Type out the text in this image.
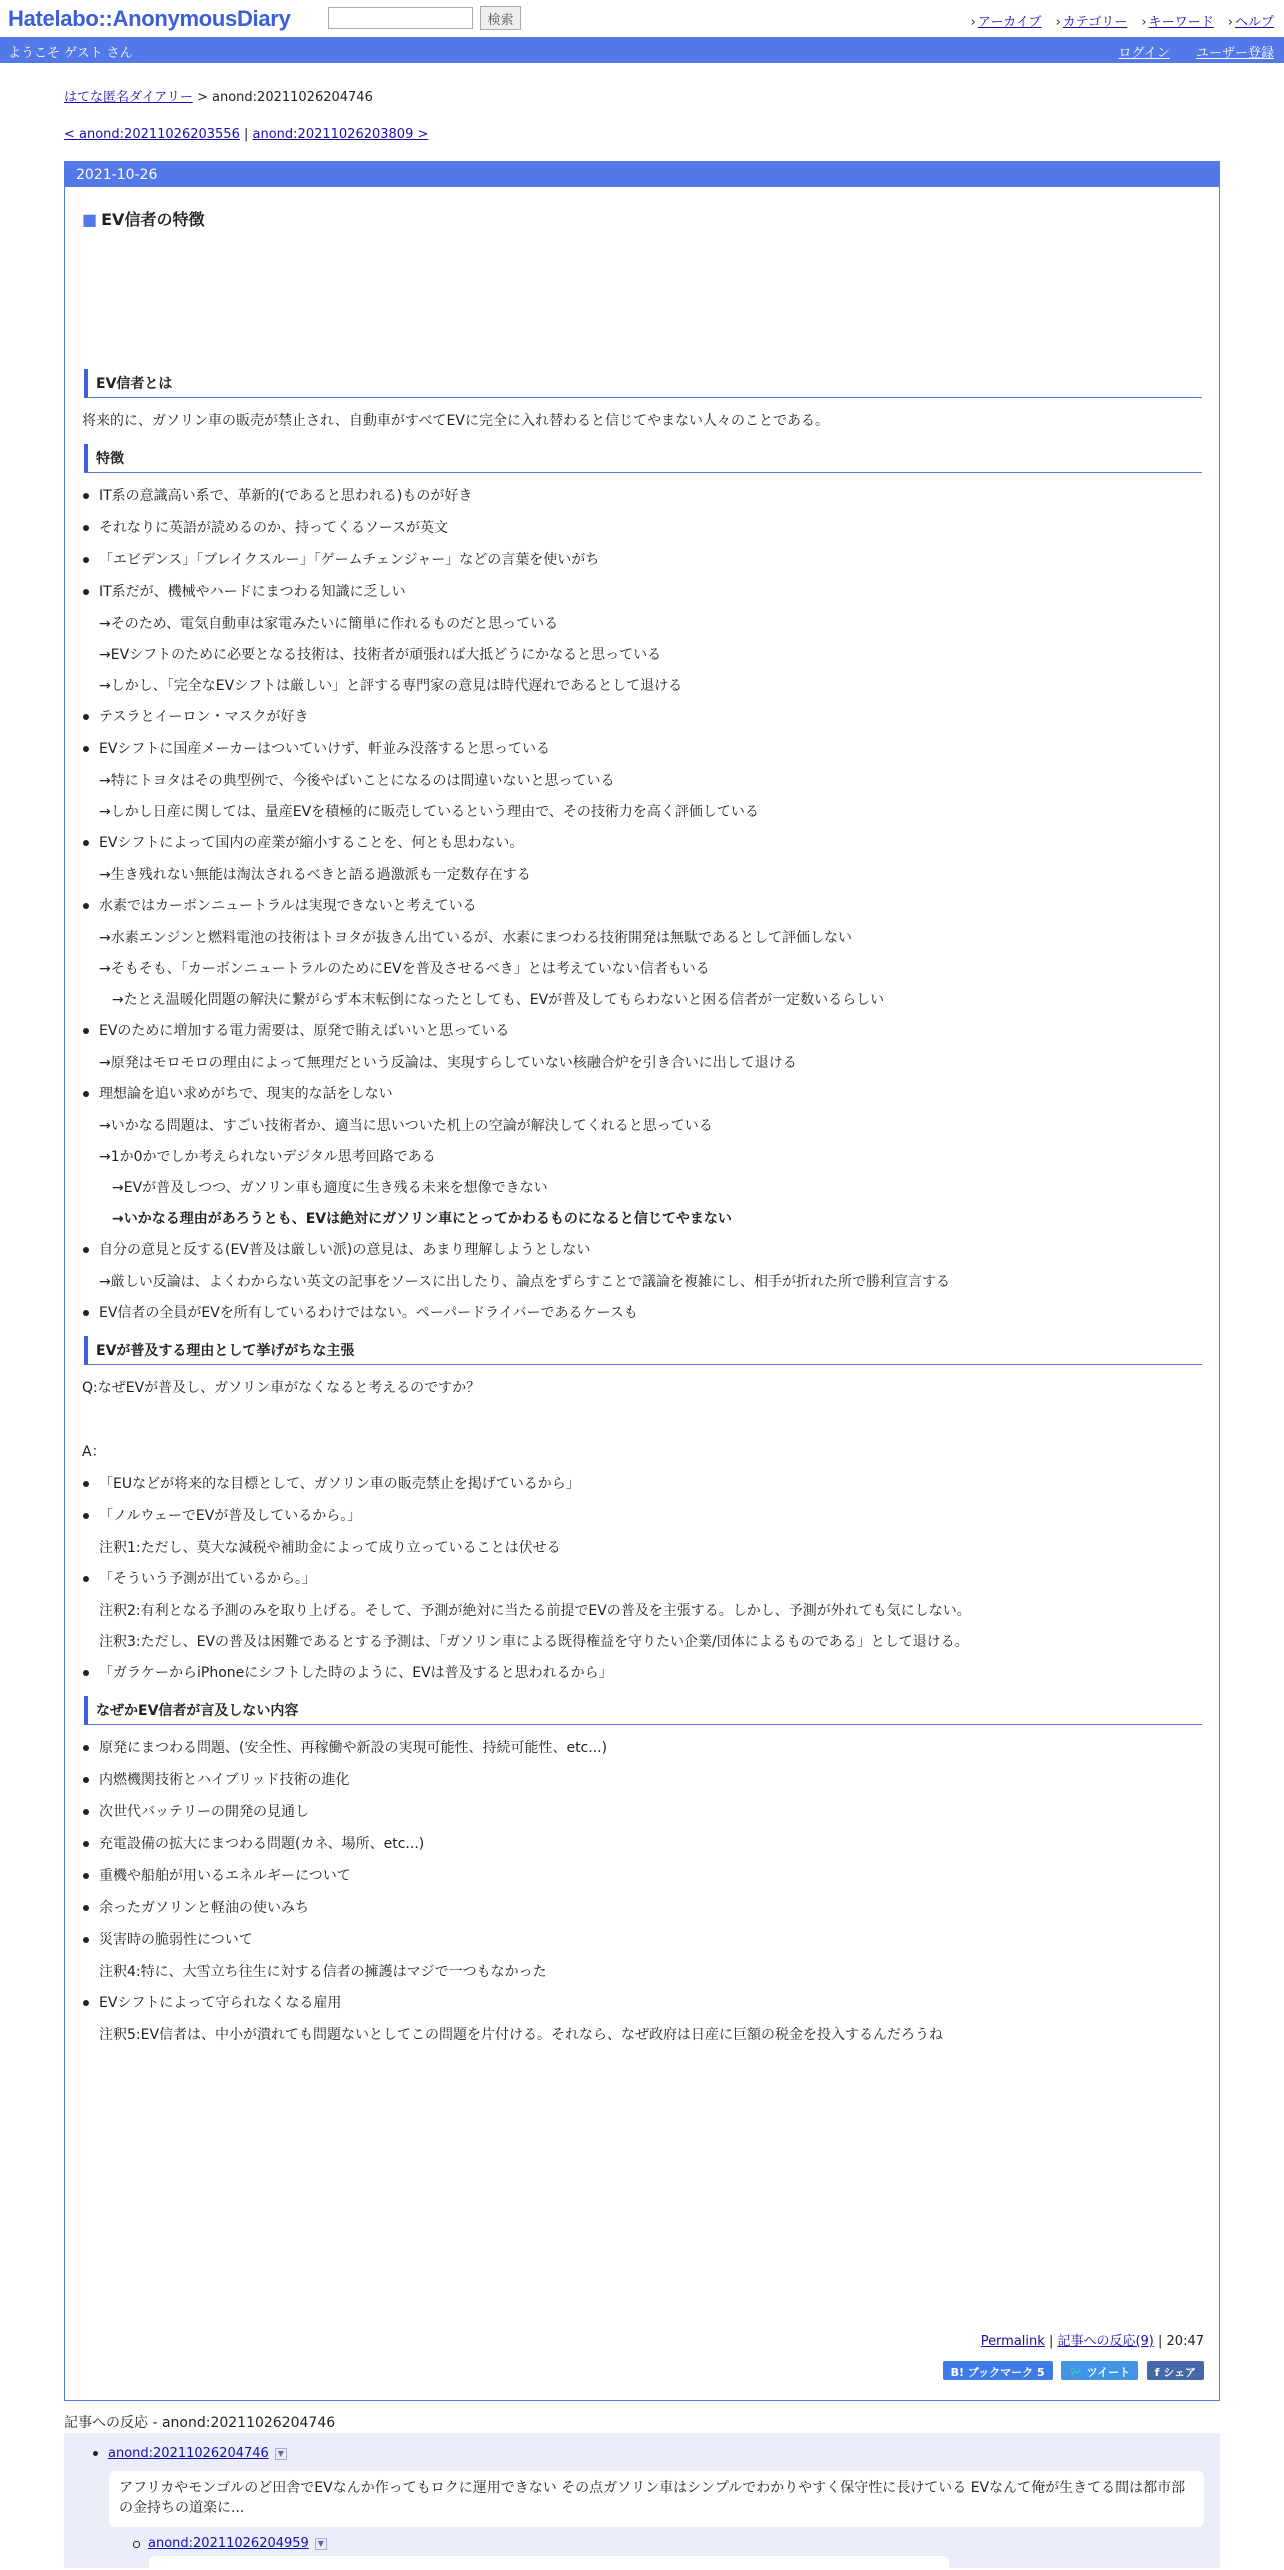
Hatelabo::AnonymousDiary	検索	› アーカイブ › カテゴリー › キーワード › ヘルプ
ようこそ ゲスト さん	ログイン ユーザー登録
はてな匿名ダイアリー > anond:20211026204746
< anond:20211026203556 | anond:20211026203809 >
2021-10-26
■ EV信者の特徴
EV信者とは
将来的に、ガソリン車の販売が禁止され、自動車がすべてEVに完全に入れ替わると信じてやまない人々のことである。
特徴
IT系の意識高い系で、革新的(であると思われる)ものが好き
それなりに英語が読めるのか、持ってくるソースが英文
「エビデンス」「ブレイクスルー」「ゲームチェンジャー」などの言葉を使いがち
IT系だが、機械やハードにまつわる知識に乏しい
→そのため、電気自動車は家電みたいに簡単に作れるものだと思っている
→EVシフトのために必要となる技術は、技術者が頑張れば大抵どうにかなると思っている
→しかし、「完全なEVシフトは厳しい」と評する専門家の意見は時代遅れであるとして退ける
テスラとイーロン・マスクが好き
EVシフトに国産メーカーはついていけず、軒並み没落すると思っている
→特にトヨタはその典型例で、今後やばいことになるのは間違いないと思っている
→しかし日産に関しては、量産EVを積極的に販売しているという理由で、その技術力を高く評価している
EVシフトによって国内の産業が縮小することを、何とも思わない。
→生き残れない無能は淘汰されるべきと語る過激派も一定数存在する
水素ではカーボンニュートラルは実現できないと考えている
→水素エンジンと燃料電池の技術はトヨタが抜きん出ているが、水素にまつわる技術開発は無駄であるとして評価しない
→そもそも、「カーボンニュートラルのためにEVを普及させるべき」とは考えていない信者もいる
→たとえ温暖化問題の解決に繋がらず本末転倒になったとしても、EVが普及してもらわないと困る信者が一定数いるらしい
EVのために増加する電力需要は、原発で賄えばいいと思っている
→原発はモロモロの理由によって無理だという反論は、実現すらしていない核融合炉を引き合いに出して退ける
理想論を追い求めがちで、現実的な話をしない
→いかなる問題は、すごい技術者か、適当に思いついた机上の空論が解決してくれると思っている
→1か0かでしか考えられないデジタル思考回路である
→EVが普及しつつ、ガソリン車も適度に生き残る未来を想像できない
→いかなる理由があろうとも、EVは絶対にガソリン車にとってかわるものになると信じてやまない
自分の意見と反する(EV普及は厳しい派)の意見は、あまり理解しようとしない
→厳しい反論は、よくわからない英文の記事をソースに出したり、論点をずらすことで議論を複雑にし、相手が折れた所で勝利宣言する
EV信者の全員がEVを所有しているわけではない。ペーパードライバーであるケースも
EVが普及する理由として挙げがちな主張
Q:なぜEVが普及し、ガソリン車がなくなると考えるのですか？
A：
「EUなどが将来的な目標として、ガソリン車の販売禁止を掲げているから」
「ノルウェーでEVが普及しているから。」
注釈1:ただし、莫大な減税や補助金によって成り立っていることは伏せる
「そういう予測が出ているから。」
注釈2:有利となる予測のみを取り上げる。そして、予測が絶対に当たる前提でEVの普及を主張する。しかし、予測が外れても気にしない。
注釈3:ただし、EVの普及は困難であるとする予測は、「ガソリン車による既得権益を守りたい企業/団体によるものである」として退ける。
「ガラケーからiPhoneにシフトした時のように、EVは普及すると思われるから」
なぜかEV信者が言及しない内容
原発にまつわる問題、(安全性、再稼働や新設の実現可能性、持続可能性、etc...)
内燃機関技術とハイブリッド技術の進化
次世代バッテリーの開発の見通し
充電設備の拡大にまつわる問題(カネ、場所、etc...)
重機や船舶が用いるエネルギーについて
余ったガソリンと軽油の使いみち
災害時の脆弱性について
注釈4:特に、大雪立ち往生に対する信者の擁護はマジで一つもなかった
EVシフトによって守られなくなる雇用
注釈5:EV信者は、中小が潰れても問題ないとしてこの問題を片付ける。それなら、なぜ政府は日産に巨額の税金を投入するんだろうね
Permalink | 記事への反応(9) | 20:47
B! ブックマーク 5 🐦 ツイート f シェア
記事への反応 - anond:20211026204746
anond:20211026204746 ▼
アフリカやモンゴルのど田舎でEVなんか作ってもロクに運用できない その点ガソリン車はシンプルでわかりやすく保守性に長けている EVなんて俺が生きてる間は都市部の金持ちの道楽に...
anond:20211026204959 ▼
